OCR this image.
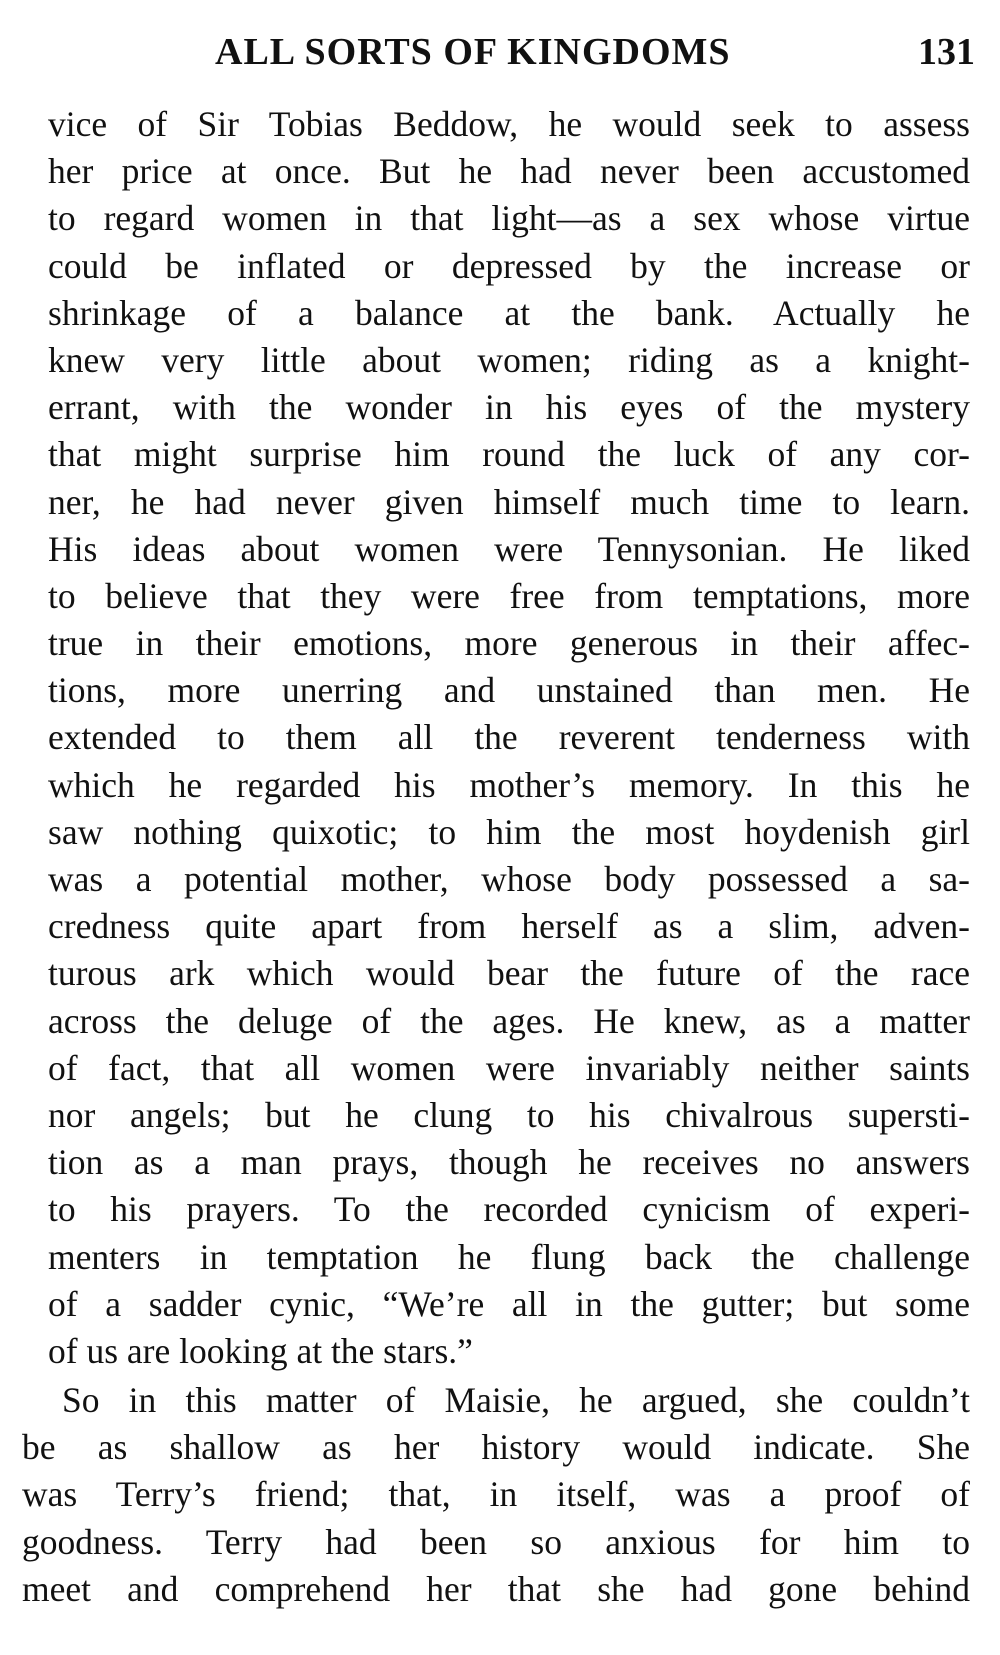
ALL SORTS OF KINGDOMS	131
vice of Sir Tobias Beddow, he would seek to assess
her price at once. But he had never been accustomed
to regard women in that light—as a sex whose virtue
could be inflated or depressed by the increase or
shrinkage of a balance at the bank. Actually he
knew very little about women; riding as a knight-
errant, with the wonder in his eyes of the mystery
that might surprise him round the luck of any cor-
ner, he had never given himself much time to learn.
His ideas about women were Tennysonian. He liked
to believe that they were free from temptations, more
true in their emotions, more generous in their affec-
tions, more unerring and unstained than men. He
extended to them all the reverent tenderness with
which he regarded his mother’s memory. In this he
saw nothing quixotic; to him the most hoydenish girl
was a potential mother, whose body possessed a sa-
credness quite apart from herself as a slim, adven-
turous ark which would bear the future of the race
across the deluge of the ages. He knew, as a matter
of fact, that all women were invariably neither saints
nor angels; but he clung to his chivalrous supersti-
tion as a man prays, though he receives no answers
to his prayers. To the recorded cynicism of experi-
menters in temptation he flung back the challenge
of a sadder cynic, “We’re all in the gutter; but some
of us are looking at the stars.”
So in this matter of Maisie, he argued, she couldn’t
be as shallow as her history would indicate. She
was Terry’s friend; that, in itself, was a proof of
goodness. Terry had been so anxious for him to
meet and comprehend her that she had gone behind
